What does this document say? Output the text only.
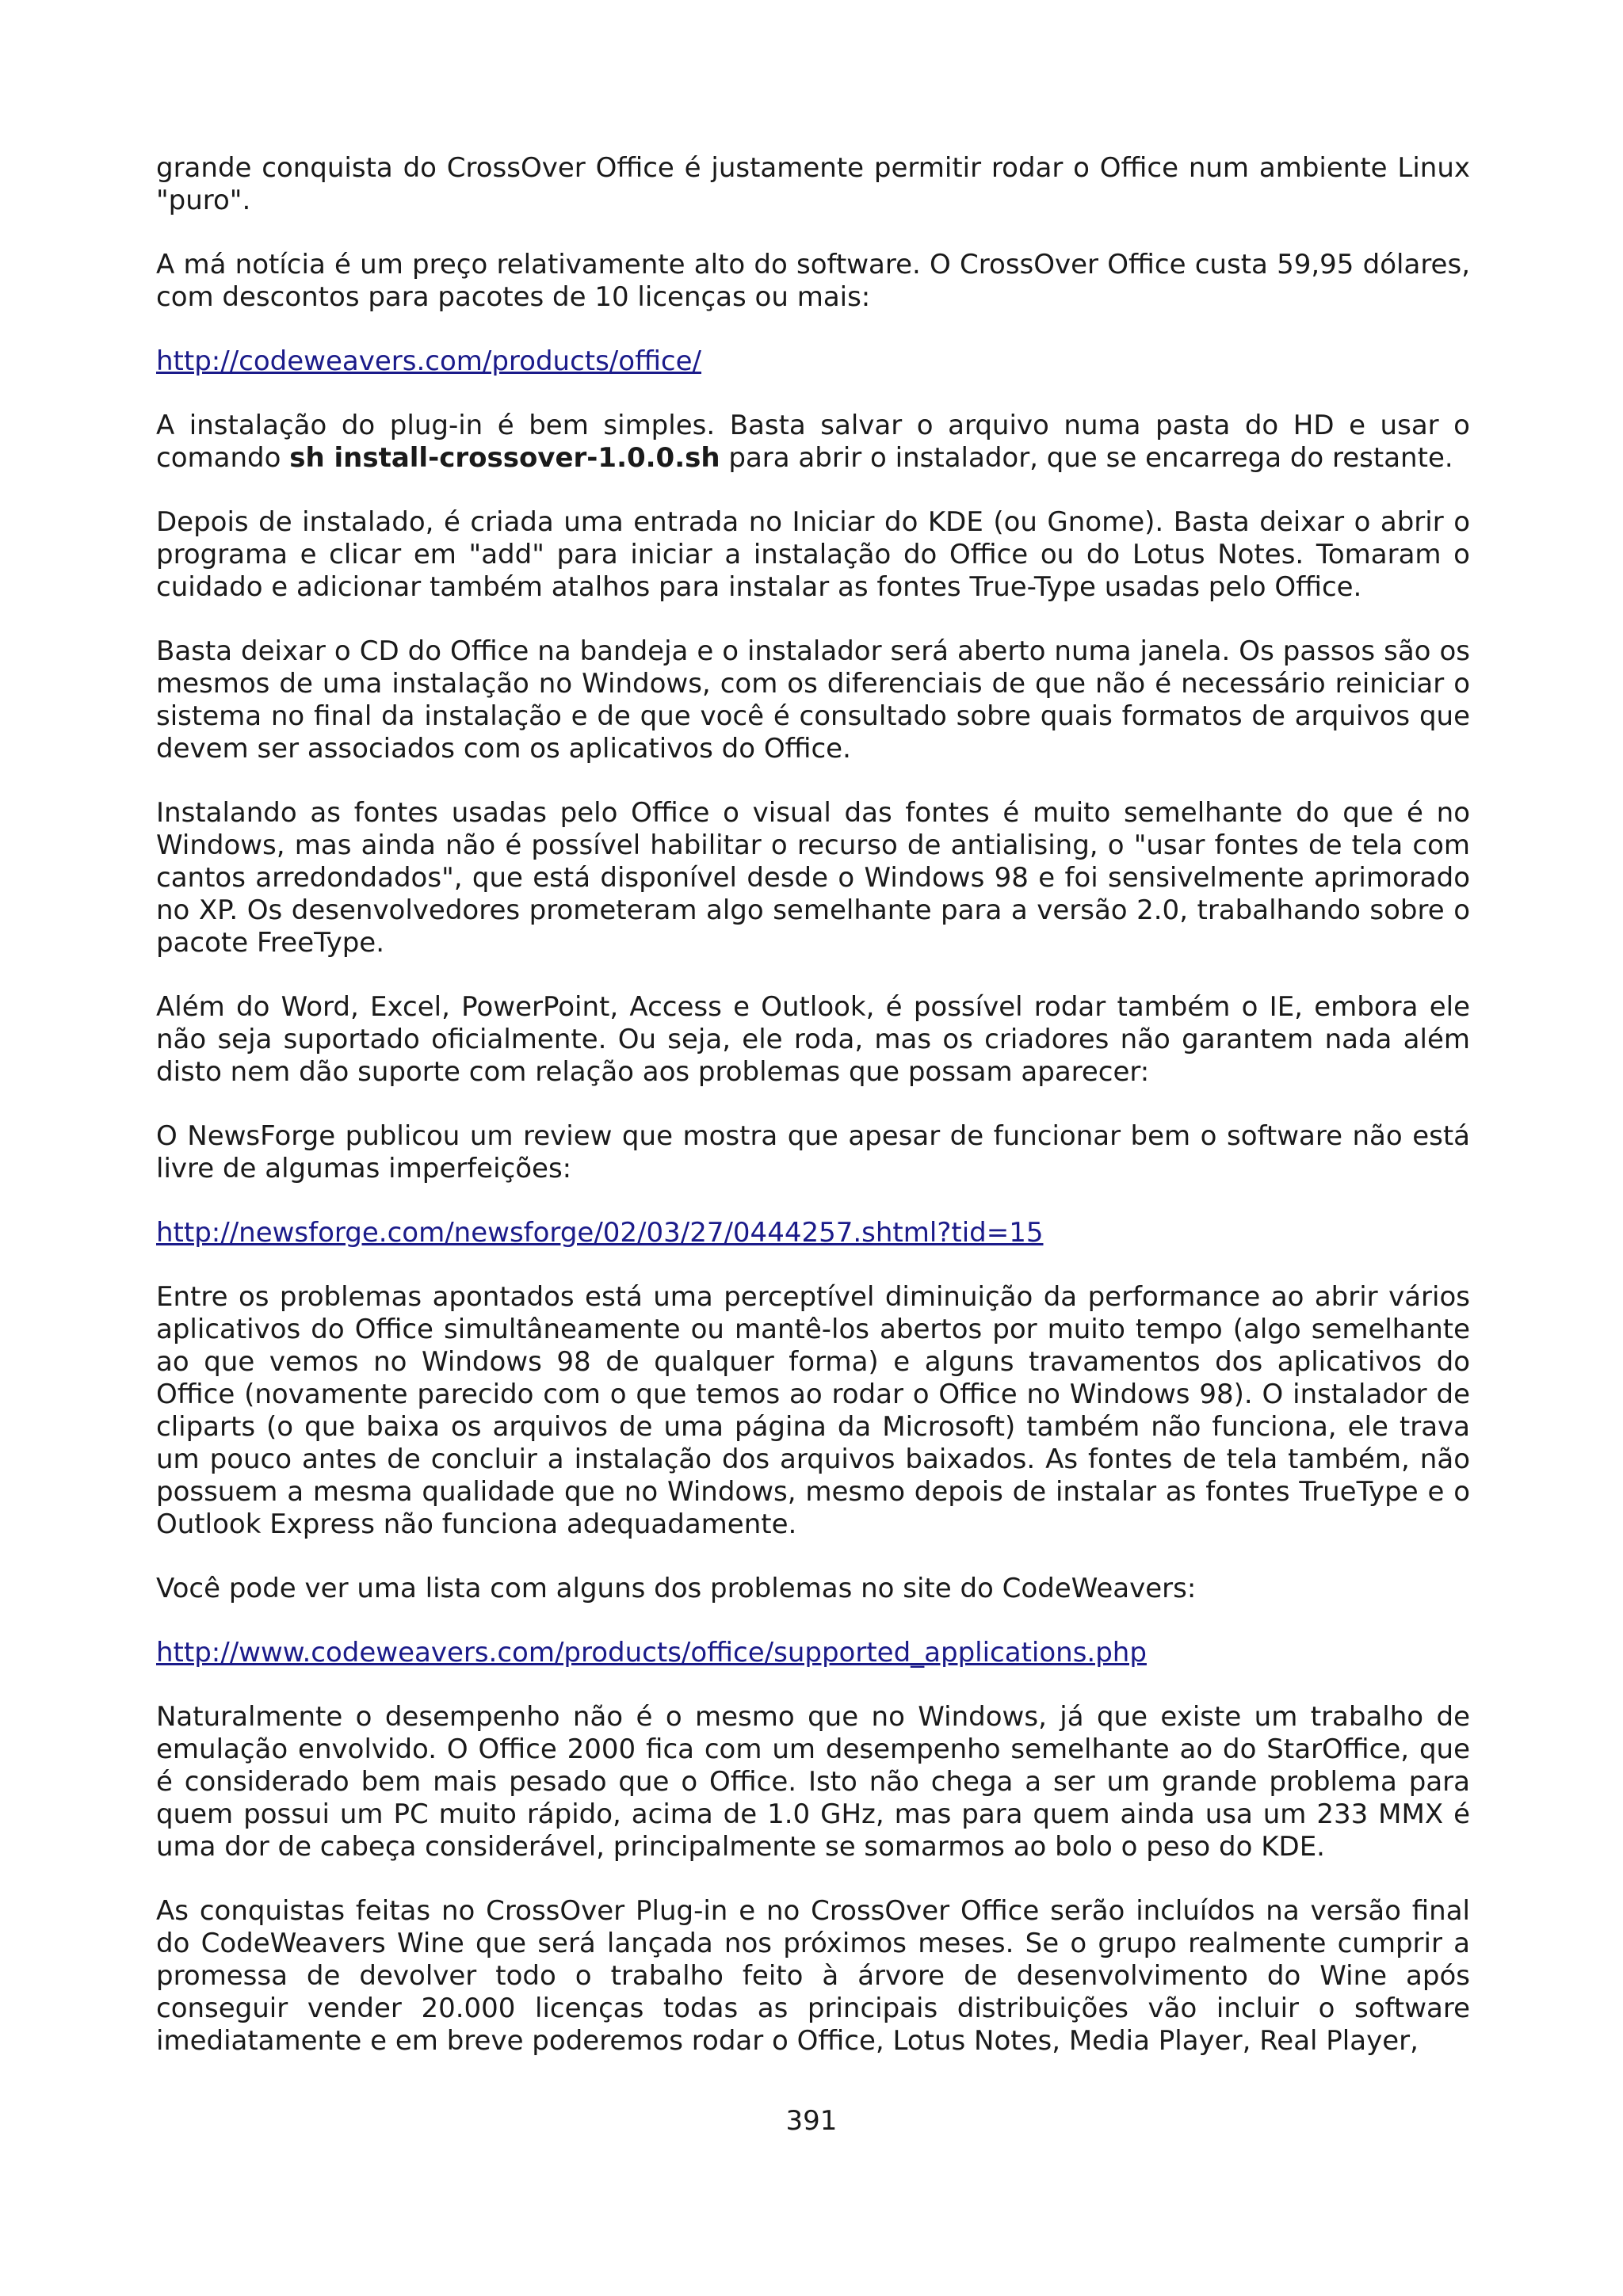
grande conquista do CrossOver Office é justamente permitir rodar o Office num ambiente Linux "puro".

A má notícia é um preço relativamente alto do software. O CrossOver Office custa 59,95 dólares, com descontos para pacotes de 10 licenças ou mais:

http://codeweavers.com/products/office/

A instalação do plug-in é bem simples. Basta salvar o arquivo numa pasta do HD e usar o comando sh install-crossover-1.0.0.sh para abrir o instalador, que se encarrega do restante.

Depois de instalado, é criada uma entrada no Iniciar do KDE (ou Gnome). Basta deixar o abrir o programa e clicar em "add" para iniciar a instalação do Office ou do Lotus Notes. Tomaram o cuidado e adicionar também atalhos para instalar as fontes True-Type usadas pelo Office.

Basta deixar o CD do Office na bandeja e o instalador será aberto numa janela. Os passos são os mesmos de uma instalação no Windows, com os diferenciais de que não é necessário reiniciar o sistema no final da instalação e de que você é consultado sobre quais formatos de arquivos que devem ser associados com os aplicativos do Office.

Instalando as fontes usadas pelo Office o visual das fontes é muito semelhante do que é no Windows, mas ainda não é possível habilitar o recurso de antialising, o "usar fontes de tela com cantos arredondados", que está disponível desde o Windows 98 e foi sensivelmente aprimorado no XP. Os desenvolvedores prometeram algo semelhante para a versão 2.0, trabalhando sobre o pacote FreeType.

Além do Word, Excel, PowerPoint, Access e Outlook, é possível rodar também o IE, embora ele não seja suportado oficialmente. Ou seja, ele roda, mas os criadores não garantem nada além disto nem dão suporte com relação aos problemas que possam aparecer:

O NewsForge publicou um review que mostra que apesar de funcionar bem o software não está livre de algumas imperfeições:

http://newsforge.com/newsforge/02/03/27/0444257.shtml?tid=15

Entre os problemas apontados está uma perceptível diminuição da performance ao abrir vários aplicativos do Office simultâneamente ou mantê-los abertos por muito tempo (algo semelhante ao que vemos no Windows 98 de qualquer forma) e alguns travamentos dos aplicativos do Office (novamente parecido com o que temos ao rodar o Office no Windows 98). O instalador de cliparts (o que baixa os arquivos de uma página da Microsoft) também não funciona, ele trava um pouco antes de concluir a instalação dos arquivos baixados. As fontes de tela também, não possuem a mesma qualidade que no Windows, mesmo depois de instalar as fontes TrueType e o Outlook Express não funciona adequadamente.

Você pode ver uma lista com alguns dos problemas no site do CodeWeavers:

http://www.codeweavers.com/products/office/supported_applications.php

Naturalmente o desempenho não é o mesmo que no Windows, já que existe um trabalho de emulação envolvido. O Office 2000 fica com um desempenho semelhante ao do StarOffice, que é considerado bem mais pesado que o Office. Isto não chega a ser um grande problema para quem possui um PC muito rápido, acima de 1.0 GHz, mas para quem ainda usa um 233 MMX é uma dor de cabeça considerável, principalmente se somarmos ao bolo o peso do KDE.

As conquistas feitas no CrossOver Plug-in e no CrossOver Office serão incluídos na versão final do CodeWeavers Wine que será lançada nos próximos meses. Se o grupo realmente cumprir a promessa de devolver todo o trabalho feito à árvore de desenvolvimento do Wine após conseguir vender 20.000 licenças todas as principais distribuições vão incluir o software imediatamente e em breve poderemos rodar o Office, Lotus Notes, Media Player, Real Player,

391
